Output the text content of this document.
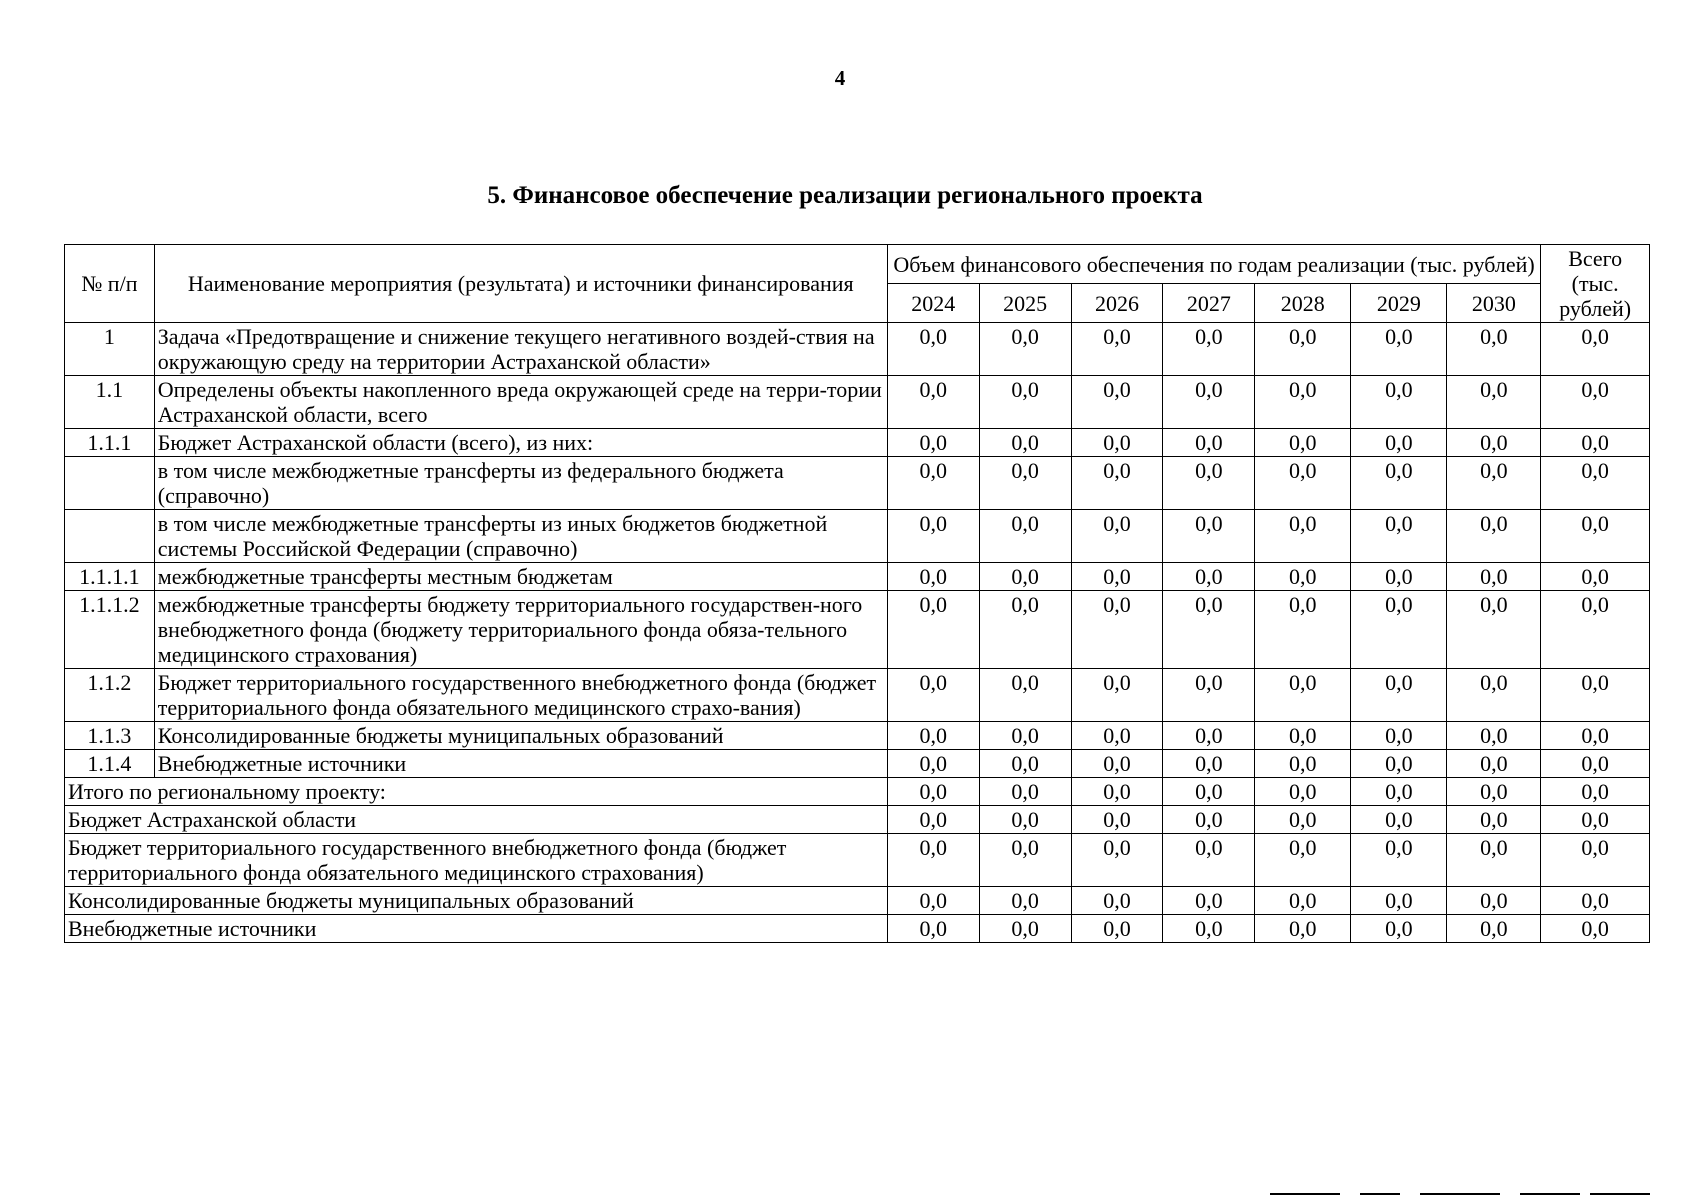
4
5. Финансовое обеспечение реализации регионального проекта
№ п/п	Наименование мероприятия (результата) и источники финансирования	Объем финансового обеспечения по годам реализации (тыс. рублей)							Всего (тыс. рублей)
		2024	2025	2026	2027	2028	2029	2030	
1	Задача «Предотвращение и снижение текущего негативного воздей-ствия на окружающую среду на территории Астраханской области»	0,0	0,0	0,0	0,0	0,0	0,0	0,0	0,0
1.1	Определены объекты накопленного вреда окружающей среде на терри-тории Астраханской области, всего	0,0	0,0	0,0	0,0	0,0	0,0	0,0	0,0
1.1.1	Бюджет Астраханской области (всего), из них:	0,0	0,0	0,0	0,0	0,0	0,0	0,0	0,0
	в том числе межбюджетные трансферты из федерального бюджета (справочно)	0,0	0,0	0,0	0,0	0,0	0,0	0,0	0,0
	в том числе межбюджетные трансферты из иных бюджетов бюджетной системы Российской Федерации (справочно)	0,0	0,0	0,0	0,0	0,0	0,0	0,0	0,0
1.1.1.1	межбюджетные трансферты местным бюджетам	0,0	0,0	0,0	0,0	0,0	0,0	0,0	0,0
1.1.1.2	межбюджетные трансферты бюджету территориального государствен-ного внебюджетного фонда (бюджету территориального фонда обяза-тельного медицинского страхования)	0,0	0,0	0,0	0,0	0,0	0,0	0,0	0,0
1.1.2	Бюджет территориального государственного внебюджетного фонда (бюджет территориального фонда обязательного медицинского страхо-вания)	0,0	0,0	0,0	0,0	0,0	0,0	0,0	0,0
1.1.3	Консолидированные бюджеты муниципальных образований	0,0	0,0	0,0	0,0	0,0	0,0	0,0	0,0
1.1.4	Внебюджетные источники	0,0	0,0	0,0	0,0	0,0	0,0	0,0	0,0
Итого по региональному проекту:		0,0	0,0	0,0	0,0	0,0	0,0	0,0	0,0
Бюджет Астраханской области		0,0	0,0	0,0	0,0	0,0	0,0	0,0	0,0
Бюджет территориального государственного внебюджетного фонда (бюджет территориального фонда обязательного медицинского страхования)		0,0	0,0	0,0	0,0	0,0	0,0	0,0	0,0
Консолидированные бюджеты муниципальных образований		0,0	0,0	0,0	0,0	0,0	0,0	0,0	0,0
Внебюджетные источники		0,0	0,0	0,0	0,0	0,0	0,0	0,0	0,0
